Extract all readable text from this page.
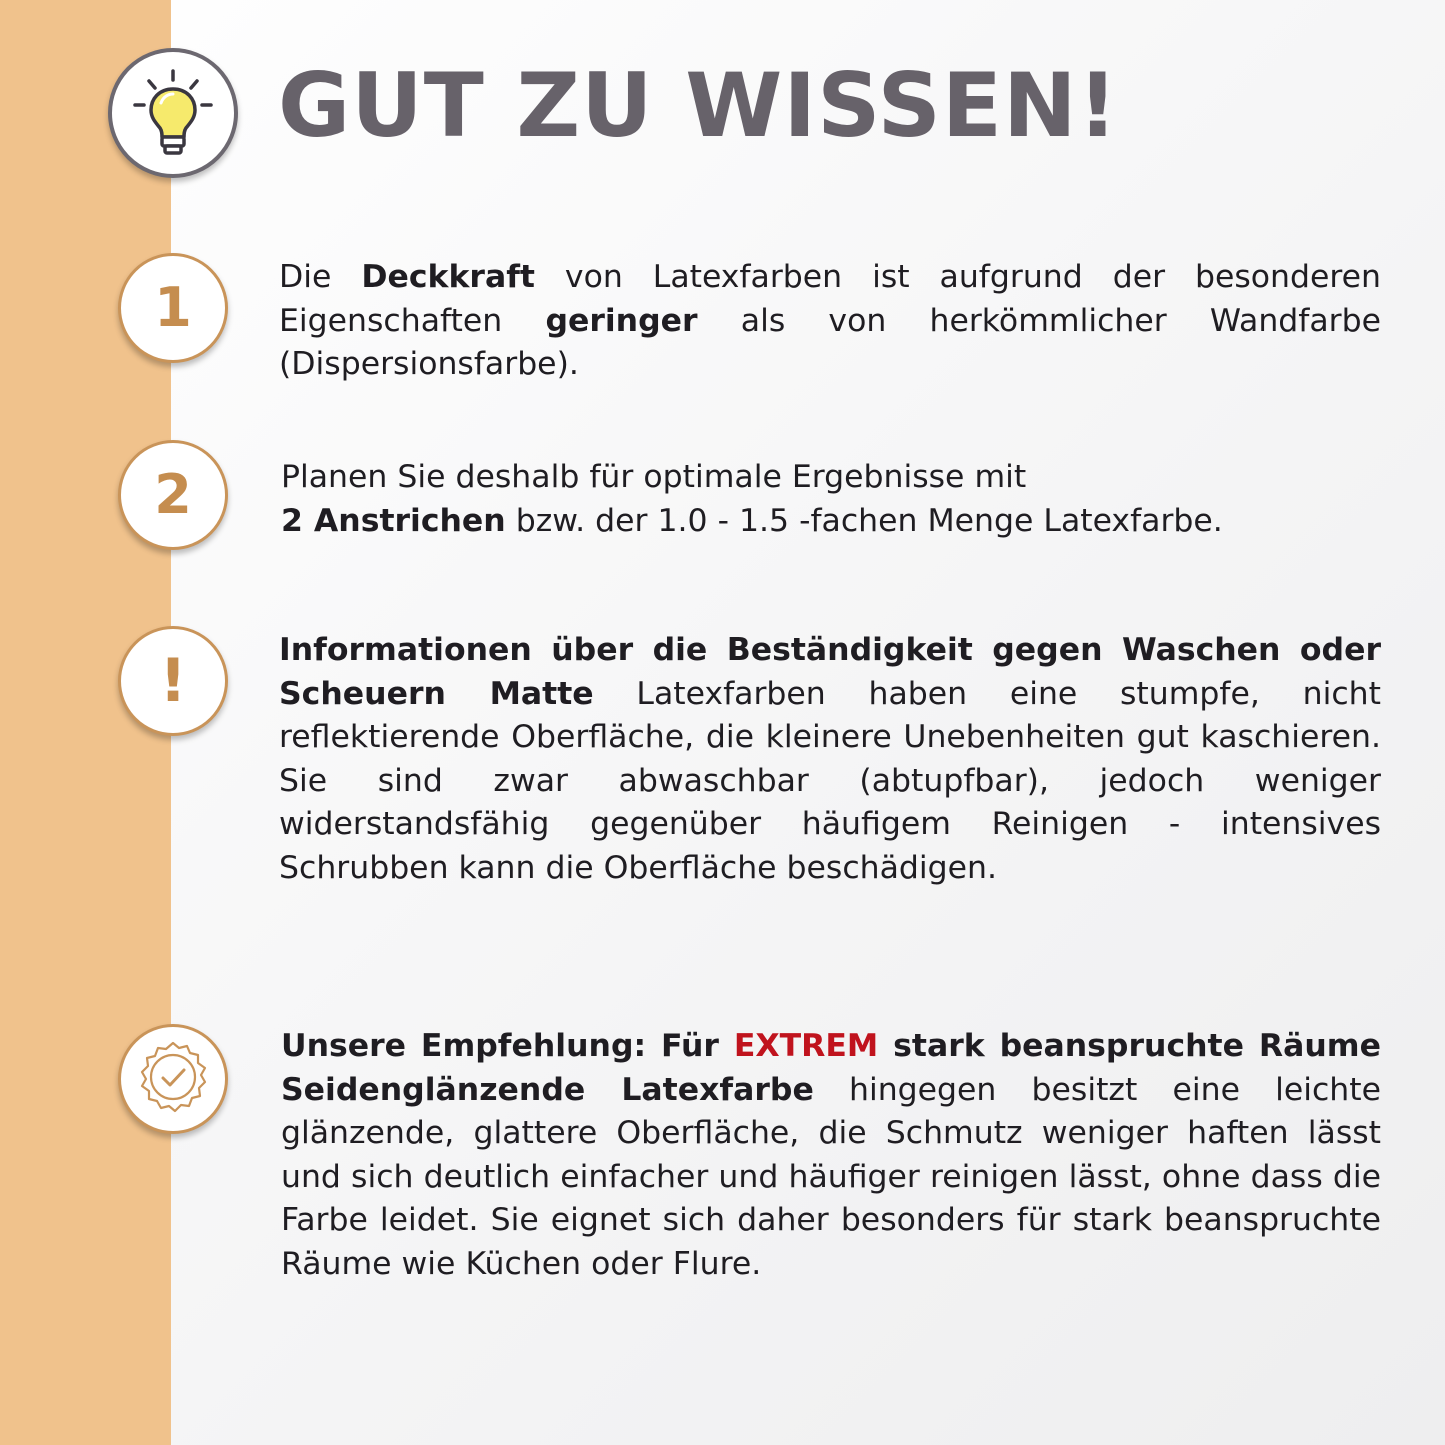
GUT ZU WISSEN!
1	Die Deckkraft von Latexfarben ist aufgrund der besonderen Eigenschaften geringer als von herkömmlicher Wandfarbe (Dispersionsfarbe).

2	Planen Sie deshalb für optimale Ergebnisse mit
2 Anstrichen bzw. der 1.0 - 1.5 -fachen Menge Latexfarbe.

!	Informationen über die Beständigkeit gegen Waschen oder Scheuern Matte Latexfarben haben eine stumpfe, nicht reflektierende Oberfläche, die kleinere Unebenheiten gut kaschieren. Sie sind zwar abwaschbar (abtupfbar), jedoch weniger widerstandsfähig gegenüber häufigem Reinigen - intensives Schrubben kann die Oberfläche beschädigen.

Unsere Empfehlung: Für EXTREM stark beanspruchte Räume Seidenglänzende Latexfarbe hingegen besitzt eine leichte glänzende, glattere Oberfläche, die Schmutz weniger haften lässt und sich deutlich einfacher und häufiger reinigen lässt, ohne dass die Farbe leidet. Sie eignet sich daher besonders für stark beanspruchte Räume wie Küchen oder Flure.
